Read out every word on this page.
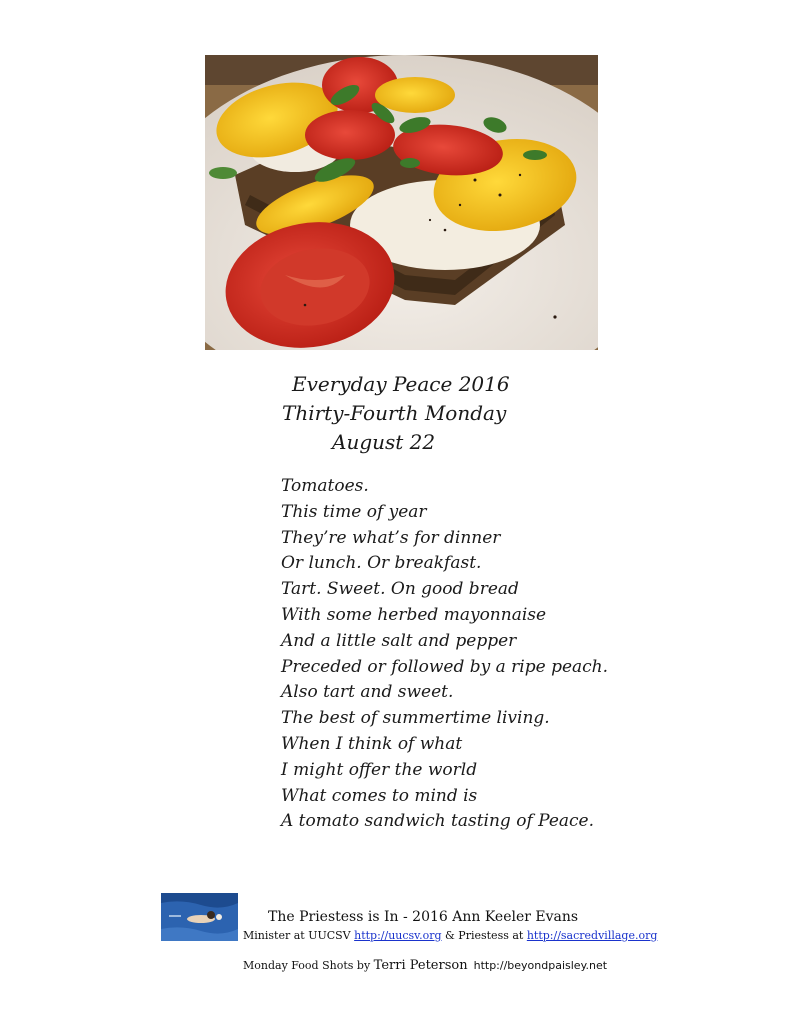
Everyday Peace 2016
Thirty-Fourth Monday
August 22
Tomatoes.
This time of year
They’re what’s for dinner
Or lunch. Or breakfast.
Tart. Sweet. On good bread
With some herbed mayonnaise
And a little salt and pepper
Preceded or followed by a ripe peach.
Also tart and sweet.
The best of summertime living.
When I think of what
I might offer the world
What comes to mind is
A tomato sandwich tasting of Peace.
The Priestess is In - 2016 Ann Keeler Evans
Minister at UUCSV http://uucsv.org & Priestess at http://sacredvillage.org
Monday Food Shots by Terri Peterson http://beyondpaisley.net
